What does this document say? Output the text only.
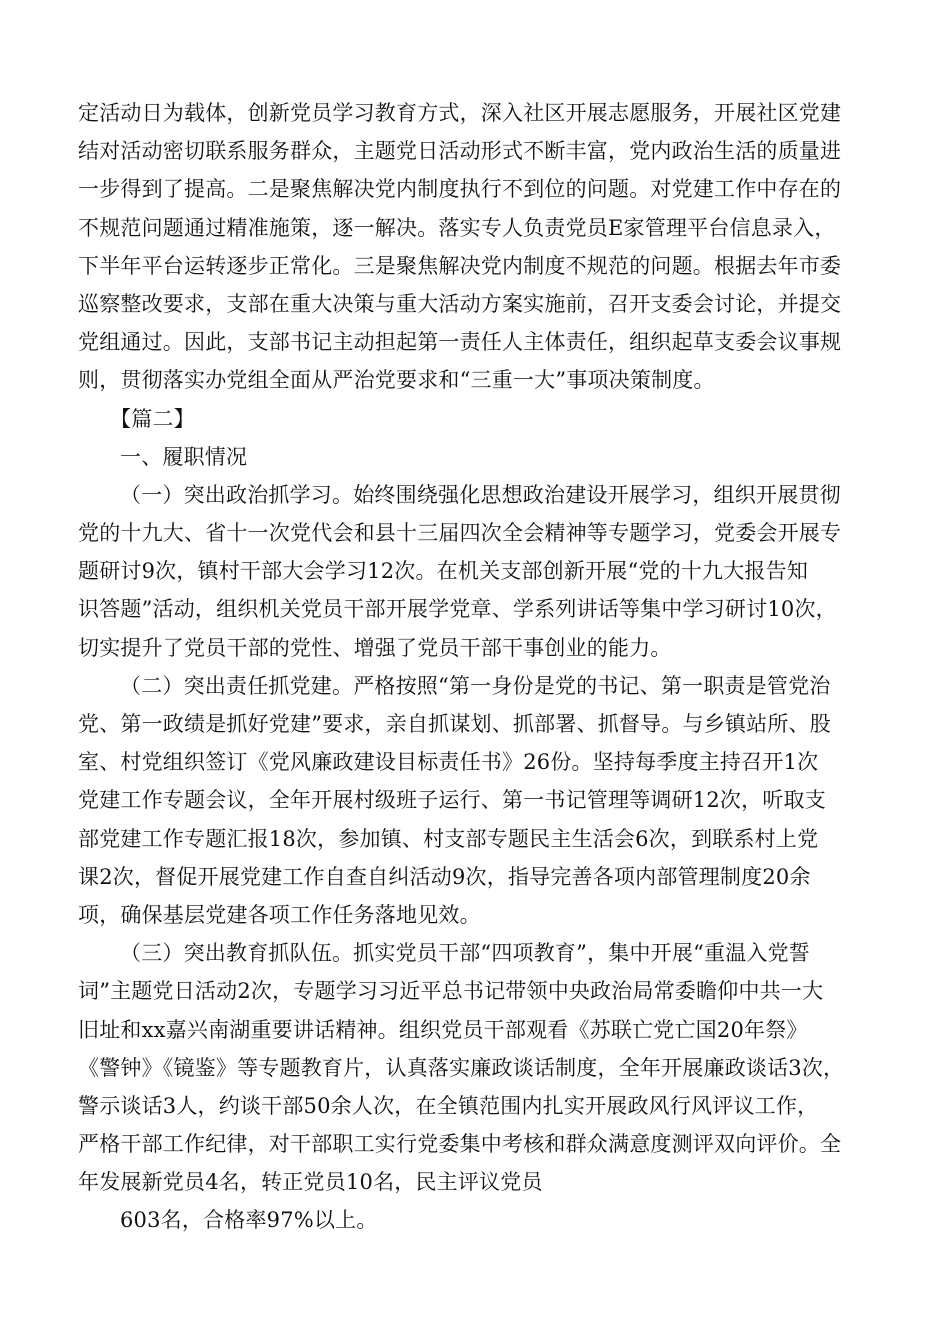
定活动日为载体，创新党员学习教育方式，深入社区开展志愿服务，开展社区党建
结对活动密切联系服务群众，主题党日活动形式不断丰富，党内政治生活的质量进
一步得到了提高。二是聚焦解决党内制度执行不到位的问题。对党建工作中存在的
不规范问题通过精准施策，逐一解决。落实专人负责党员E家管理平台信息录入，
下半年平台运转逐步正常化。三是聚焦解决党内制度不规范的问题。根据去年市委
巡察整改要求，支部在重大决策与重大活动方案实施前，召开支委会讨论，并提交
党组通过。因此，支部书记主动担起第一责任人主体责任，组织起草支委会议事规
则，贯彻落实办党组全面从严治党要求和“三重一大”事项决策制度。
【篇二】
一、履职情况
（一）突出政治抓学习。始终围绕强化思想政治建设开展学习，组织开展贯彻
党的十九大、省十一次党代会和县十三届四次全会精神等专题学习，党委会开展专
题研讨9次，镇村干部大会学习12次。在机关支部创新开展“党的十九大报告知
识答题”活动，组织机关党员干部开展学党章、学系列讲话等集中学习研讨10次，
切实提升了党员干部的党性、增强了党员干部干事创业的能力。
（二）突出责任抓党建。严格按照“第一身份是党的书记、第一职责是管党治
党、第一政绩是抓好党建”要求，亲自抓谋划、抓部署、抓督导。与乡镇站所、股
室、村党组织签订《党风廉政建设目标责任书》26份。坚持每季度主持召开1次
党建工作专题会议，全年开展村级班子运行、第一书记管理等调研12次，听取支
部党建工作专题汇报18次，参加镇、村支部专题民主生活会6次，到联系村上党
课2次，督促开展党建工作自查自纠活动9次，指导完善各项内部管理制度20余
项，确保基层党建各项工作任务落地见效。
（三）突出教育抓队伍。抓实党员干部“四项教育”，集中开展“重温入党誓
词”主题党日活动2次，专题学习习近平总书记带领中央政治局常委瞻仰中共一大
旧址和xx嘉兴南湖重要讲话精神。组织党员干部观看《苏联亡党亡国20年祭》
《警钟》《镜鉴》等专题教育片，认真落实廉政谈话制度，全年开展廉政谈话3次，
警示谈话3人，约谈干部50余人次，在全镇范围内扎实开展政风行风评议工作，
严格干部工作纪律，对干部职工实行党委集中考核和群众满意度测评双向评价。全
年发展新党员4名，转正党员10名，民主评议党员
603名，合格率97%以上。
